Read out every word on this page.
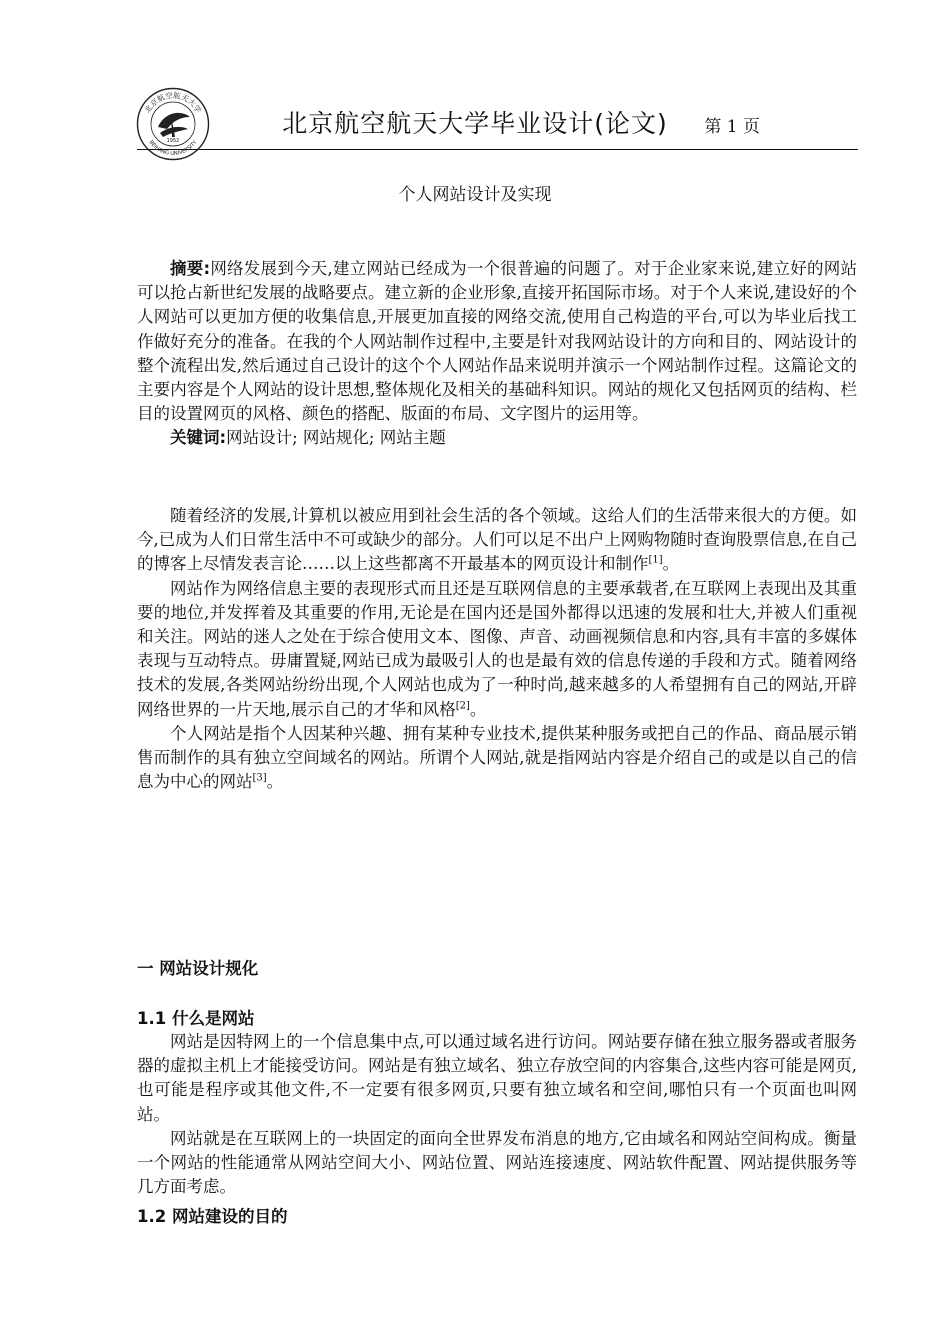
北京航空航天大学
BEIHANG UNIVERSITY
1952
北京航空航天大学毕业设计(论文)	第 1 页
个人网站设计及实现

摘要:网络发展到今天,建立网站已经成为一个很普遍的问题了。对于企业家来说,建立好的网站可以抢占新世纪发展的战略要点。建立新的企业形象,直接开拓国际市场。对于个人来说,建设好的个人网站可以更加方便的收集信息,开展更加直接的网络交流,使用自己构造的平台,可以为毕业后找工作做好充分的准备。在我的个人网站制作过程中,主要是针对我网站设计的方向和目的、网站设计的整个流程出发,然后通过自己设计的这个个人网站作品来说明并演示一个网站制作过程。这篇论文的主要内容是个人网站的设计思想,整体规化及相关的基础科知识。网站的规化又包括网页的结构、栏目的设置网页的风格、颜色的搭配、版面的布局、文字图片的运用等。

关键词:网站设计; 网站规化; 网站主题

随着经济的发展,计算机以被应用到社会生活的各个领域。这给人们的生活带来很大的方便。如今,已成为人们日常生活中不可或缺少的部分。人们可以足不出户上网购物随时查询股票信息,在自己的博客上尽情发表言论……以上这些都离不开最基本的网页设计和制作[1]。

网站作为网络信息主要的表现形式而且还是互联网信息的主要承载者,在互联网上表现出及其重要的地位,并发挥着及其重要的作用,无论是在国内还是国外都得以迅速的发展和壮大,并被人们重视和关注。网站的迷人之处在于综合使用文本、图像、声音、动画视频信息和内容,具有丰富的多媒体表现与互动特点。毋庸置疑,网站已成为最吸引人的也是最有效的信息传递的手段和方式。随着网络技术的发展,各类网站纷纷出现,个人网站也成为了一种时尚,越来越多的人希望拥有自己的网站,开辟网络世界的一片天地,展示自己的才华和风格[2]。

个人网站是指个人因某种兴趣、拥有某种专业技术,提供某种服务或把自己的作品、商品展示销售而制作的具有独立空间域名的网站。所谓个人网站,就是指网站内容是介绍自己的或是以自己的信息为中心的网站[3]。

一 网站设计规化
1.1 什么是网站

网站是因特网上的一个信息集中点,可以通过域名进行访问。网站要存储在独立服务器或者服务器的虚拟主机上才能接受访问。网站是有独立域名、独立存放空间的内容集合,这些内容可能是网页,也可能是程序或其他文件,不一定要有很多网页,只要有独立域名和空间,哪怕只有一个页面也叫网站。

网站就是在互联网上的一块固定的面向全世界发布消息的地方,它由域名和网站空间构成。衡量一个网站的性能通常从网站空间大小、网站位置、网站连接速度、网站软件配置、网站提供服务等几方面考虑。

1.2 网站建设的目的
